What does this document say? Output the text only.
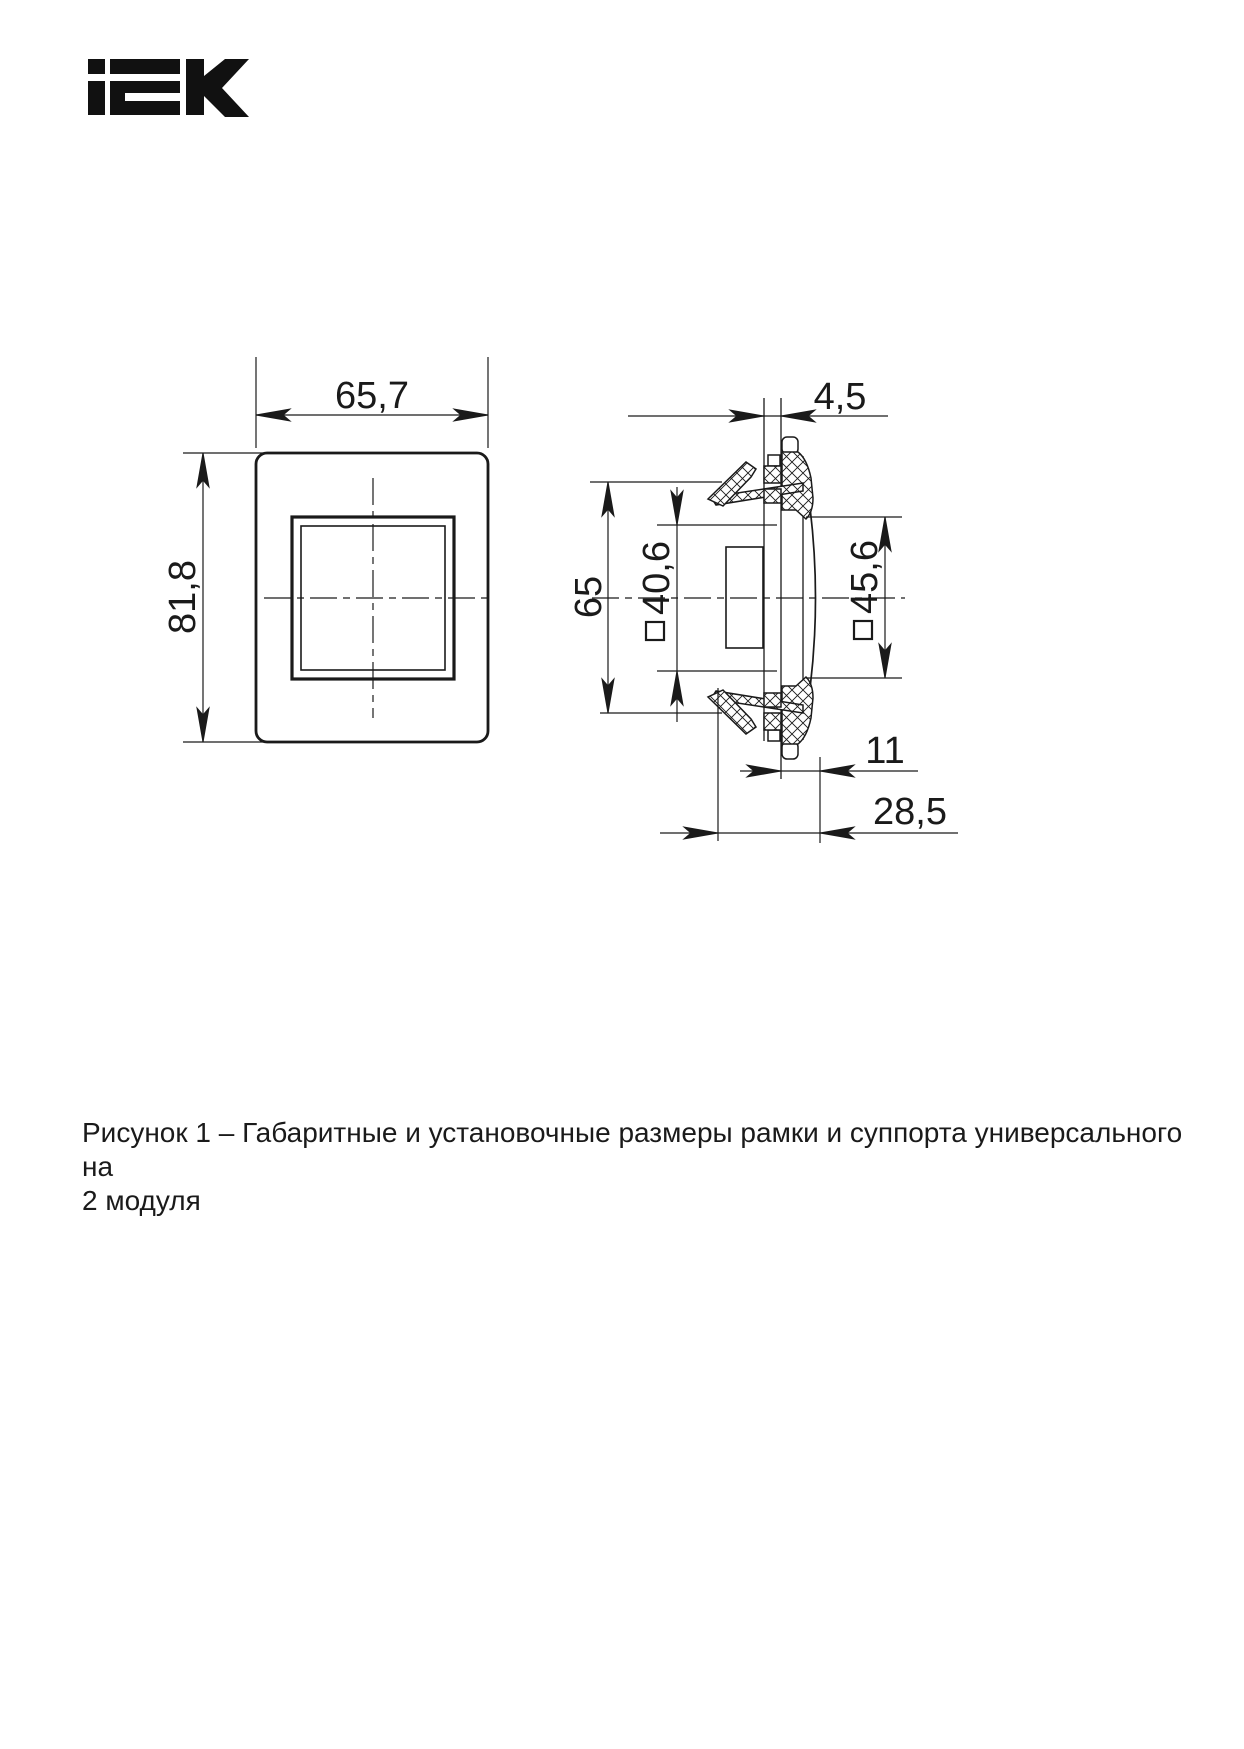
65,7
81,8
4,5
65 40,6	45,6
11
28,5
Рисунок 1 – Габаритные и установочные размеры рамки и суппорта универсального на
2 модуля
